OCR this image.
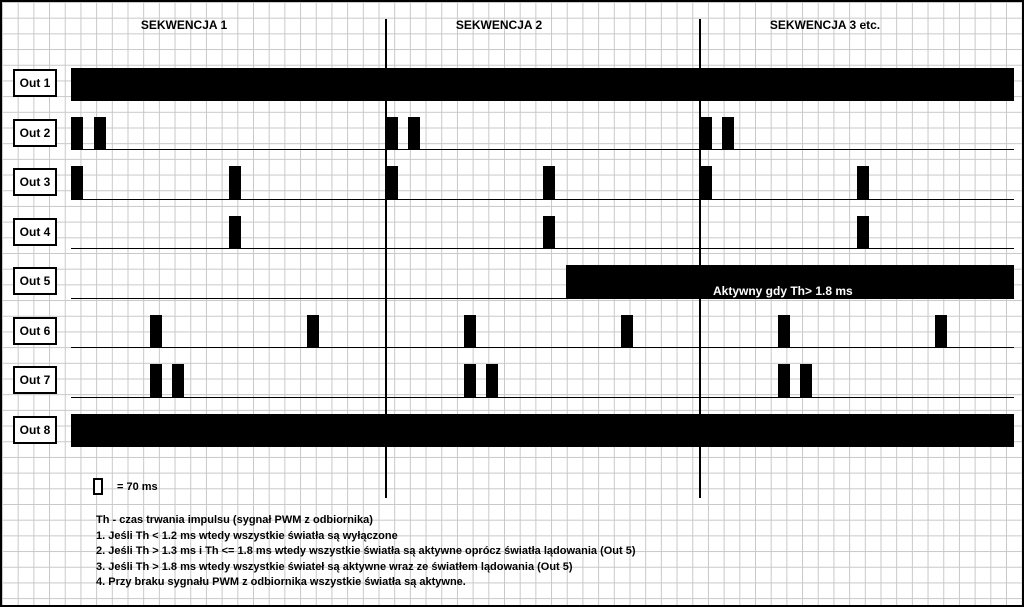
SEKWENCJA 1	SEKWENCJA 2	SEKWENCJA 3 etc.
Out 1
Out 2
Out 3
Out 4
Out 5
Out 6
Out 7
Out 8
Aktywny gdy Th> 1.8 ms
= 70 ms
Th - czas trwania impulsu (sygnał PWM z odbiornika)
1. Jeśli Th < 1.2 ms wtedy wszystkie światła są wyłączone
2. Jeśli Th > 1.3 ms i Th <= 1.8 ms wtedy wszystkie światła są aktywne oprócz światła lądowania (Out 5)
3. Jeśli Th > 1.8 ms wtedy wszystkie świateł są aktywne wraz ze światłem lądowania (Out 5)
4. Przy braku sygnału PWM z odbiornika wszystkie światła są aktywne.
